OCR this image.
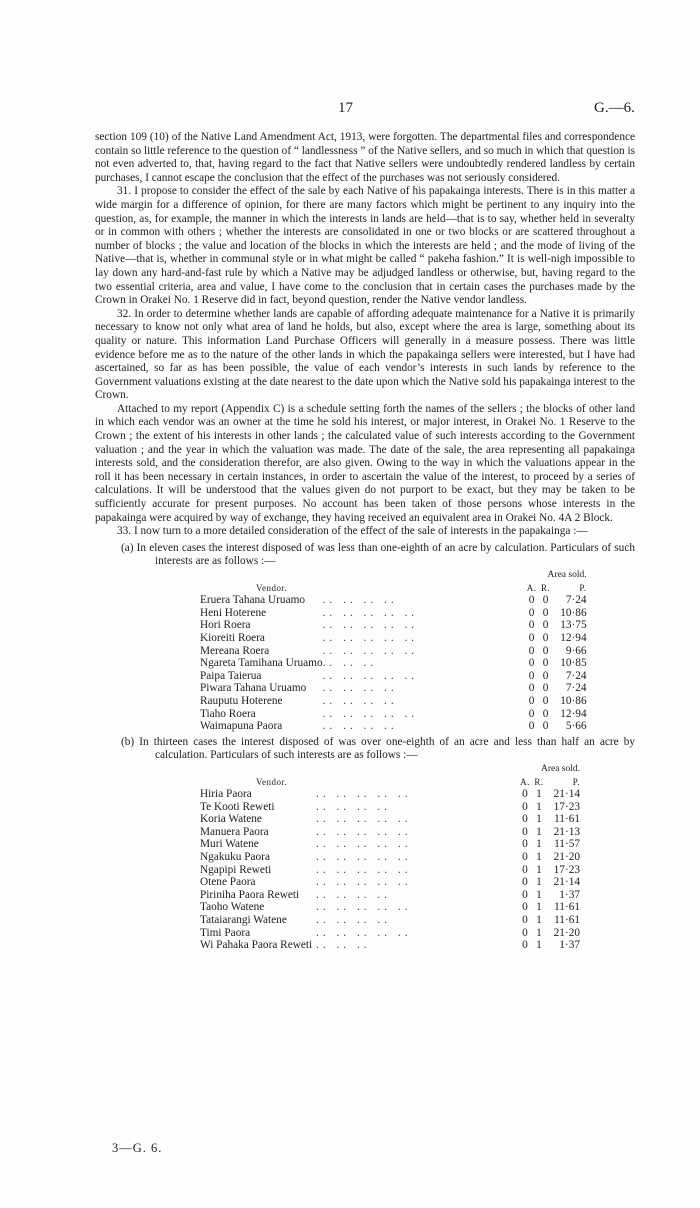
17	G.—6.

section 109 (10) of the Native Land Amendment Act, 1913, were forgotten. The departmental files and correspondence contain so little reference to the question of “ landlessness ” of the Native sellers, and so much in which that question is not even adverted to, that, having regard to the fact that Native sellers were undoubtedly rendered landless by certain purchases, I cannot escape the conclusion that the effect of the purchases was not seriously considered.

31. I propose to consider the effect of the sale by each Native of his papakainga interests. There is in this matter a wide margin for a difference of opinion, for there are many factors which might be pertinent to any inquiry into the question, as, for example, the manner in which the interests in lands are held—that is to say, whether held in severalty or in common with others ; whether the interests are consolidated in one or two blocks or are scattered throughout a number of blocks ; the value and location of the blocks in which the interests are held ; and the mode of living of the Native—that is, whether in communal style or in what might be called “ pakeha fashion.” It is well-nigh impossible to lay down any hard-and-fast rule by which a Native may be adjudged landless or otherwise, but, having regard to the two essential criteria, area and value, I have come to the conclusion that in certain cases the purchases made by the Crown in Orakei No. 1 Reserve did in fact, beyond question, render the Native vendor landless.

32. In order to determine whether lands are capable of affording adequate maintenance for a Native it is primarily necessary to know not only what area of land he holds, but also, except where the area is large, something about its quality or nature. This information Land Purchase Officers will generally in a measure possess. There was little evidence before me as to the nature of the other lands in which the papakainga sellers were interested, but I have had ascertained, so far as has been possible, the value of each vendor’s interests in such lands by reference to the Government valuations existing at the date nearest to the date upon which the Native sold his papakainga interest to the Crown.

Attached to my report (Appendix C) is a schedule setting forth the names of the sellers ; the blocks of other land in which each vendor was an owner at the time he sold his interest, or major interest, in Orakei No. 1 Reserve to the Crown ; the extent of his interests in other lands ; the calculated value of such interests according to the Government valuation ; and the year in which the valuation was made. The date of the sale, the area representing all papakainga interests sold, and the consideration therefor, are also given. Owing to the way in which the valuations appear in the roll it has been necessary in certain instances, in order to ascertain the value of the interest, to proceed by a series of calculations. It will be understood that the values given do not purport to be exact, but they may be taken to be sufficiently accurate for present purposes. No account has been taken of those persons whose interests in the papakainga were acquired by way of exchange, they having received an equivalent area in Orakei No. 4A 2 Block.

33. I now turn to a more detailed consideration of the effect of the sale of interests in the papakainga :—

(a) In eleven cases the interest disposed of was less than one-eighth of an acre by calculation. Particulars of such interests are as follows :—

		Area sold.		
Vendor.		A.	R.	P.
Eruera Tahana Uruamo	.. .. .. ..	0	0	7·24
Heni Hoterene	.. .. .. .. ..	0	0	10·86
Hori Roera	.. .. .. .. ..	0	0	13·75
Kioreiti Roera	.. .. .. .. ..	0	0	12·94
Mereana Roera	.. .. .. .. ..	0	0	9·66
Ngareta Tamihana Uruamo	.. .. ..	0	0	10·85
Paipa Taierua	.. .. .. .. ..	0	0	7·24
Piwara Tahana Uruamo	.. .. .. ..	0	0	7·24
Rauputu Hoterene	.. .. .. ..	0	0	10·86
Tiaho Roera	.. .. .. .. ..	0	0	12·94
Waimapuna Paora	.. .. .. ..	0	0	5·66

(b) In thirteen cases the interest disposed of was over one-eighth of an acre and less than half an acre by calculation. Particulars of such interests are as follows :—

		Area sold.		
Vendor.		A.	R.	P.
Hiria Paora	.. .. .. .. ..	0	1	21·14
Te Kooti Reweti	.. .. .. ..	0	1	17·23
Koria Watene	.. .. .. .. ..	0	1	11·61
Manuera Paora	.. .. .. .. ..	0	1	21·13
Muri Watene	.. .. .. .. ..	0	1	11·57
Ngakuku Paora	.. .. .. .. ..	0	1	21·20
Ngapipi Reweti	.. .. .. .. ..	0	1	17·23
Otene Paora	.. .. .. .. ..	0	1	21·14
Piriniha Paora Reweti	.. .. .. ..	0	1	1·37
Taoho Watene	.. .. .. .. ..	0	1	11·61
Tataiarangi Watene	.. .. .. ..	0	1	11·61
Timi Paora	.. .. .. .. ..	0	1	21·20
Wi Pahaka Paora Reweti	.. .. ..	0	1	1·37
3—G. 6.
